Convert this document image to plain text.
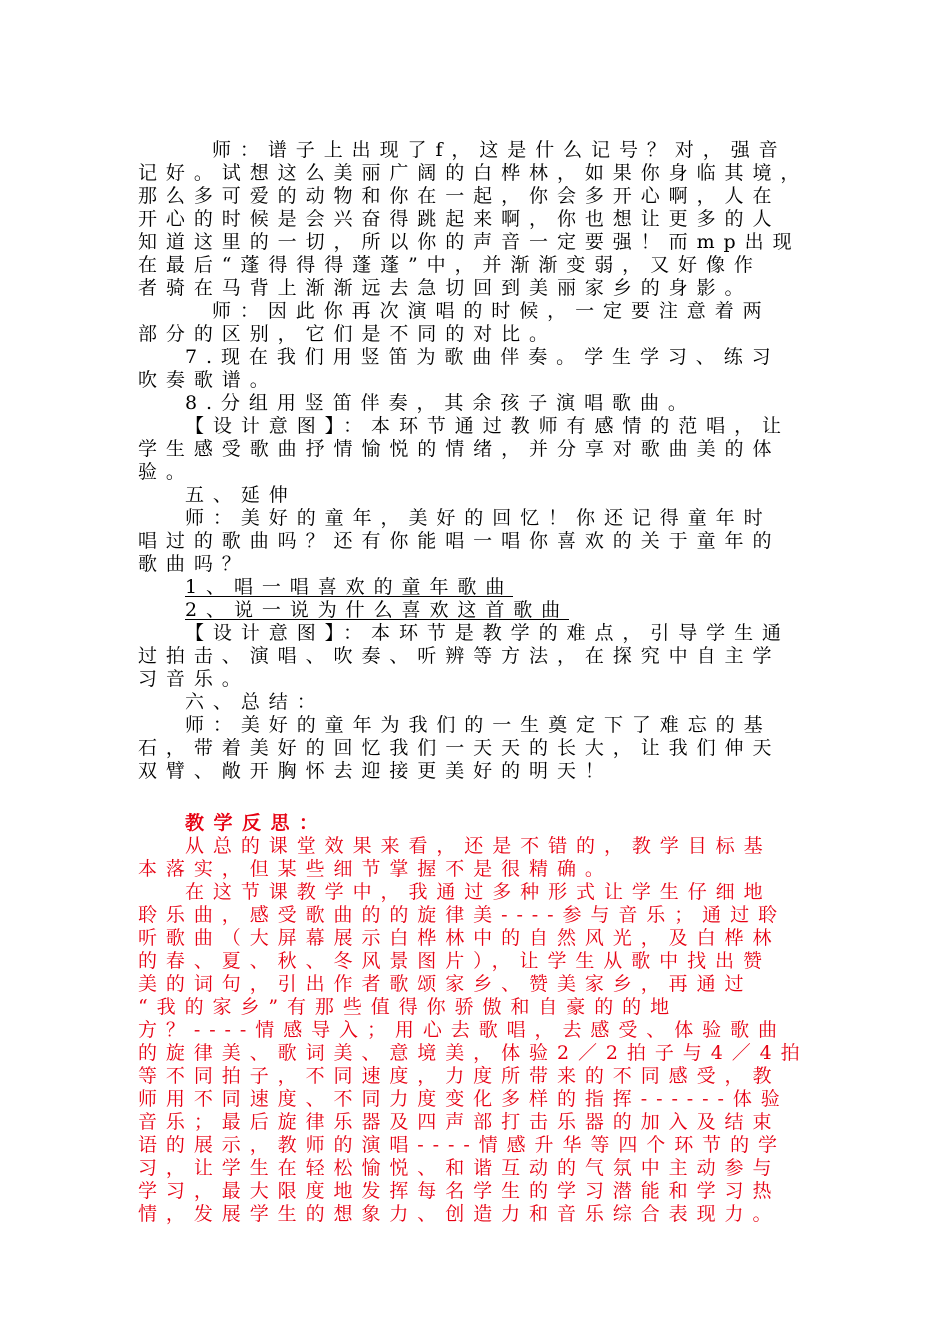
师：谱子上出现了f，这是什么记号？对，强音
记好。试想这么美丽广阔的白桦林，如果你身临其境，
那么多可爱的动物和你在一起，你会多开心啊，人在
开心的时候是会兴奋得跳起来啊，你也想让更多的人
知道这里的一切，所以你的声音一定要强！而mp出现
在最后“蓬得得得蓬蓬”中，并渐渐变弱，又好像作
者骑在马背上渐渐远去急切回到美丽家乡的身影。
师：因此你再次演唱的时候，一定要注意着两
部分的区别，它们是不同的对比。
7.现在我们用竖笛为歌曲伴奏。学生学习、练习
吹奏歌谱。
8.分组用竖笛伴奏，其余孩子演唱歌曲。
【设计意图】：本环节通过教师有感情的范唱，让
学生感受歌曲抒情愉悦的情绪，并分享对歌曲美的体
验。
五、延伸
师：美好的童年，美好的回忆！你还记得童年时
唱过的歌曲吗？还有你能唱一唱你喜欢的关于童年的
歌曲吗？
1、唱一唱喜欢的童年歌曲
2、说一说为什么喜欢这首歌曲
【设计意图】：本环节是教学的难点，引导学生通
过拍击、演唱、吹奏、听辨等方法，在探究中自主学
习音乐。
六、总结：
师：美好的童年为我们的一生奠定下了难忘的基
石，带着美好的回忆我们一天天的长大，让我们伸天
双臂、敞开胸怀去迎接更美好的明天！
教学反思：
从总的课堂效果来看，还是不错的，教学目标基
本落实，但某些细节掌握不是很精确。
在这节课教学中，我通过多种形式让学生仔细地
聆乐曲，感受歌曲的的旋律美----参与音乐；通过聆
听歌曲（大屏幕展示白桦林中的自然风光，及白桦林
的春、夏、秋、冬风景图片），让学生从歌中找出赞
美的词句，引出作者歌颂家乡、赞美家乡，再通过
“我的家乡”有那些值得你骄傲和自豪的的地
方？----情感导入；用心去歌唱，去感受、体验歌曲
的旋律美、歌词美、意境美，体验2／2拍子与4／4拍
等不同拍子，不同速度，力度所带来的不同感受，教
师用不同速度、不同力度变化多样的指挥------体验
音乐；最后旋律乐器及四声部打击乐器的加入及结束
语的展示，教师的演唱----情感升华等四个环节的学
习，让学生在轻松愉悦、和谐互动的气氛中主动参与
学习，最大限度地发挥每名学生的学习潜能和学习热
情，发展学生的想象力、创造力和音乐综合表现力。
